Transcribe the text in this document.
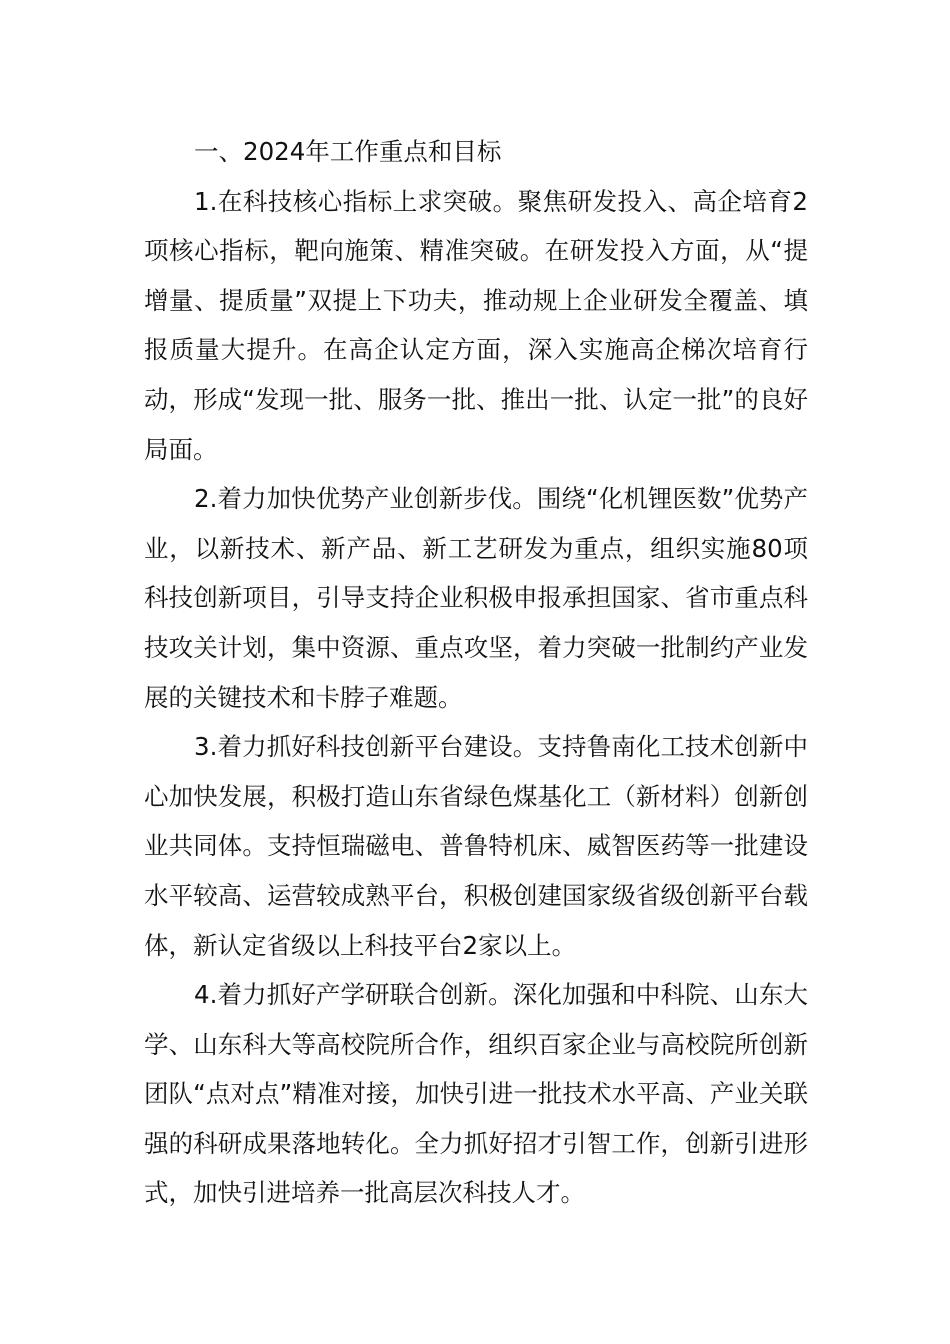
一、2024年工作重点和目标

1.在科技核心指标上求突破。聚焦研发投入、高企培育2项核心指标，靶向施策、精准突破。在研发投入方面，从“提增量、提质量”双提上下功夫，推动规上企业研发全覆盖、填报质量大提升。在高企认定方面，深入实施高企梯次培育行动，形成“发现一批、服务一批、推出一批、认定一批”的良好局面。

2.着力加快优势产业创新步伐。围绕“化机锂医数”优势产业，以新技术、新产品、新工艺研发为重点，组织实施80项科技创新项目，引导支持企业积极申报承担国家、省市重点科技攻关计划，集中资源、重点攻坚，着力突破一批制约产业发展的关键技术和卡脖子难题。

3.着力抓好科技创新平台建设。支持鲁南化工技术创新中心加快发展，积极打造山东省绿色煤基化工（新材料）创新创业共同体。支持恒瑞磁电、普鲁特机床、威智医药等一批建设水平较高、运营较成熟平台，积极创建国家级省级创新平台载体，新认定省级以上科技平台2家以上。

4.着力抓好产学研联合创新。深化加强和中科院、山东大学、山东科大等高校院所合作，组织百家企业与高校院所创新团队“点对点”精准对接，加快引进一批技术水平高、产业关联强的科研成果落地转化。全力抓好招才引智工作，创新引进形式，加快引进培养一批高层次科技人才。
